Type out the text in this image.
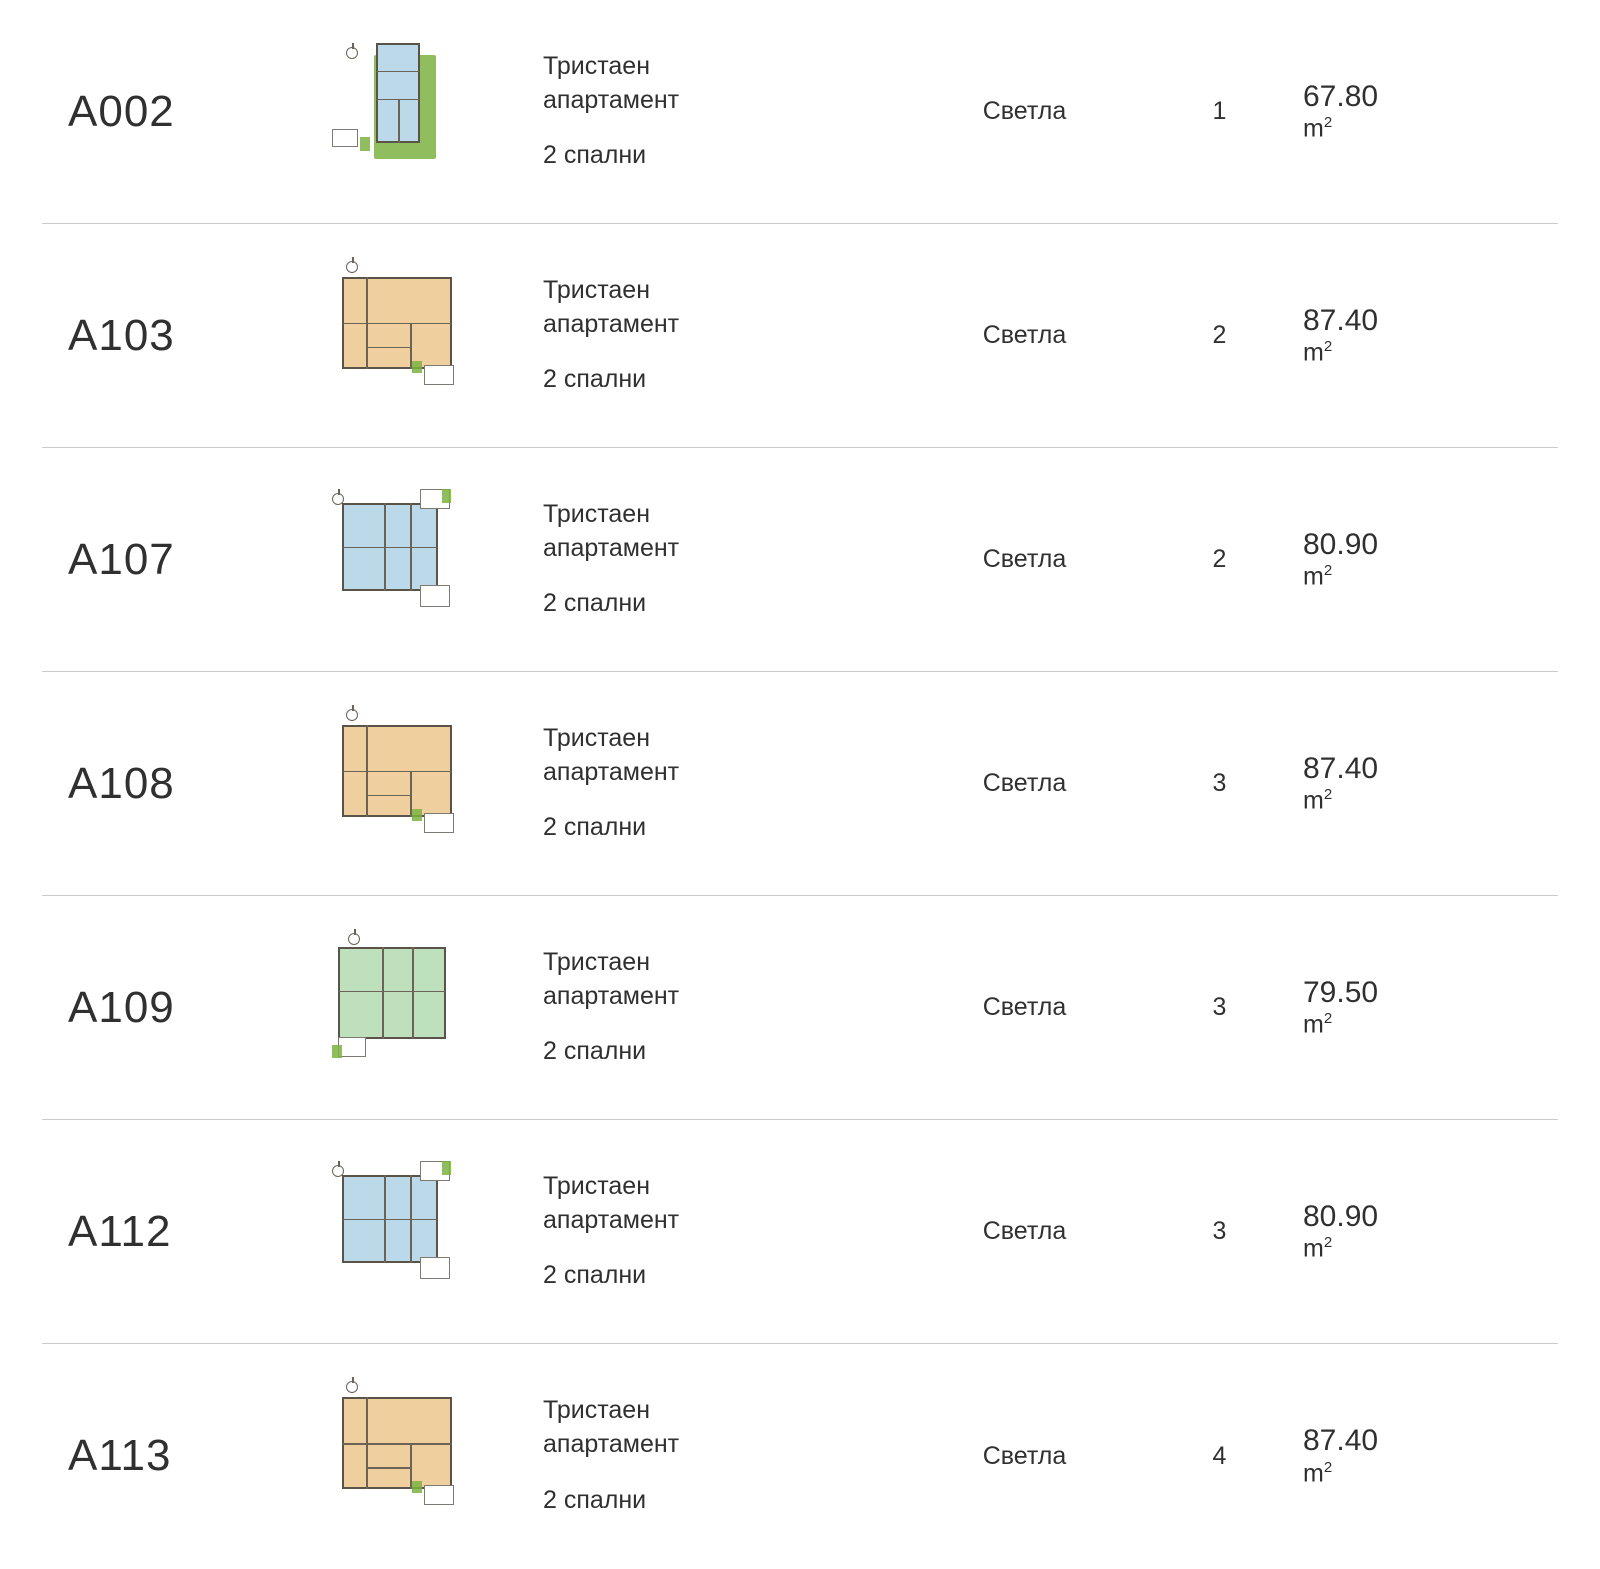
A002
Тристаен
апартамент
2 спални
Светла	1	67.80
$m^2$
A103
Тристаен
апартамент
2 спални
Светла	2	87.40
$m^2$
A107
Тристаен
апартамент
2 спални
Светла	2	80.90
$m^2$
A108
Тристаен
апартамент
2 спални
Светла	3	87.40
$m^2$
A109
Тристаен
апартамент
2 спални
Светла	3	79.50
$m^2$
A112
Тристаен
апартамент
2 спални
Светла	3	80.90
$m^2$
A113
Тристаен
апартамент
2 спални
Светла	4	87.40
$m^2$
